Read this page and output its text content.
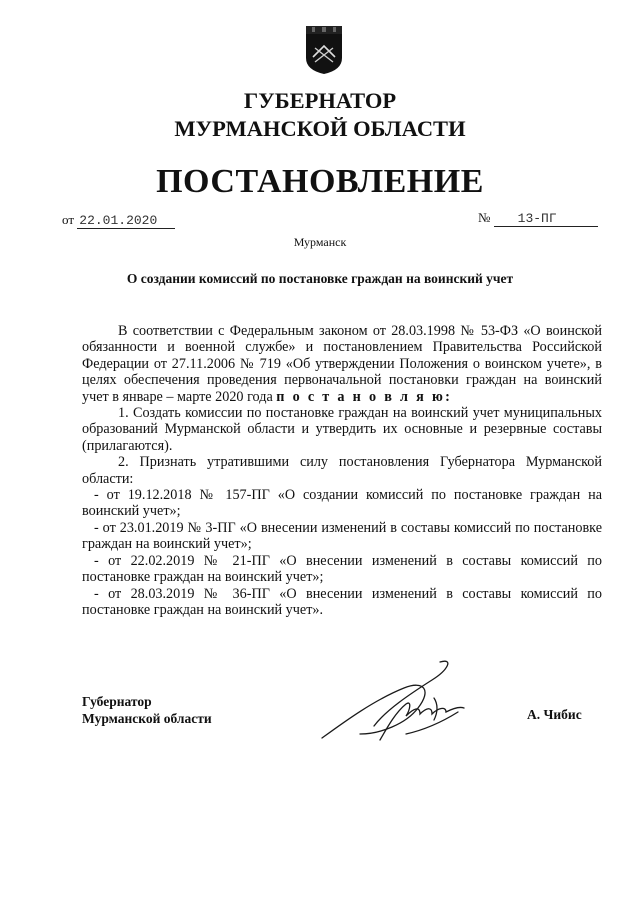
ГУБЕРНАТОР
МУРМАНСКОЙ ОБЛАСТИ
ПОСТАНОВЛЕНИЕ
от 22.01.2020	№ 13-ПГ
Мурманск
О создании комиссий по постановке граждан на воинский учет

В соответствии с Федеральным законом от 28.03.1998 № 53-ФЗ «О воинской обязанности и военной службе» и постановлением Правительства Российской Федерации от 27.11.2006 № 719 «Об утверждении Положения о воинском учете», в целях обеспечения проведения первоначальной постановки граждан на воинский учет в январе – марте 2020 года п о с т а н о в л я ю:

1. Создать комиссии по постановке граждан на воинский учет муниципальных образований Мурманской области и утвердить их основные и резервные составы (прилагаются).

2. Признать утратившими силу постановления Губернатора Мурманской области:

- от 19.12.2018 № 157-ПГ «О создании комиссий по постановке граждан на воинский учет»;

- от 23.01.2019 № 3-ПГ «О внесении изменений в составы комиссий по постановке граждан на воинский учет»;

- от 22.02.2019 № 21-ПГ «О внесении изменений в составы комиссий по постановке граждан на воинский учет»;

- от 28.03.2019 № 36-ПГ «О внесении изменений в составы комиссий по постановке граждан на воинский учет».

Губернатор
Мурманской области	А. Чибис
